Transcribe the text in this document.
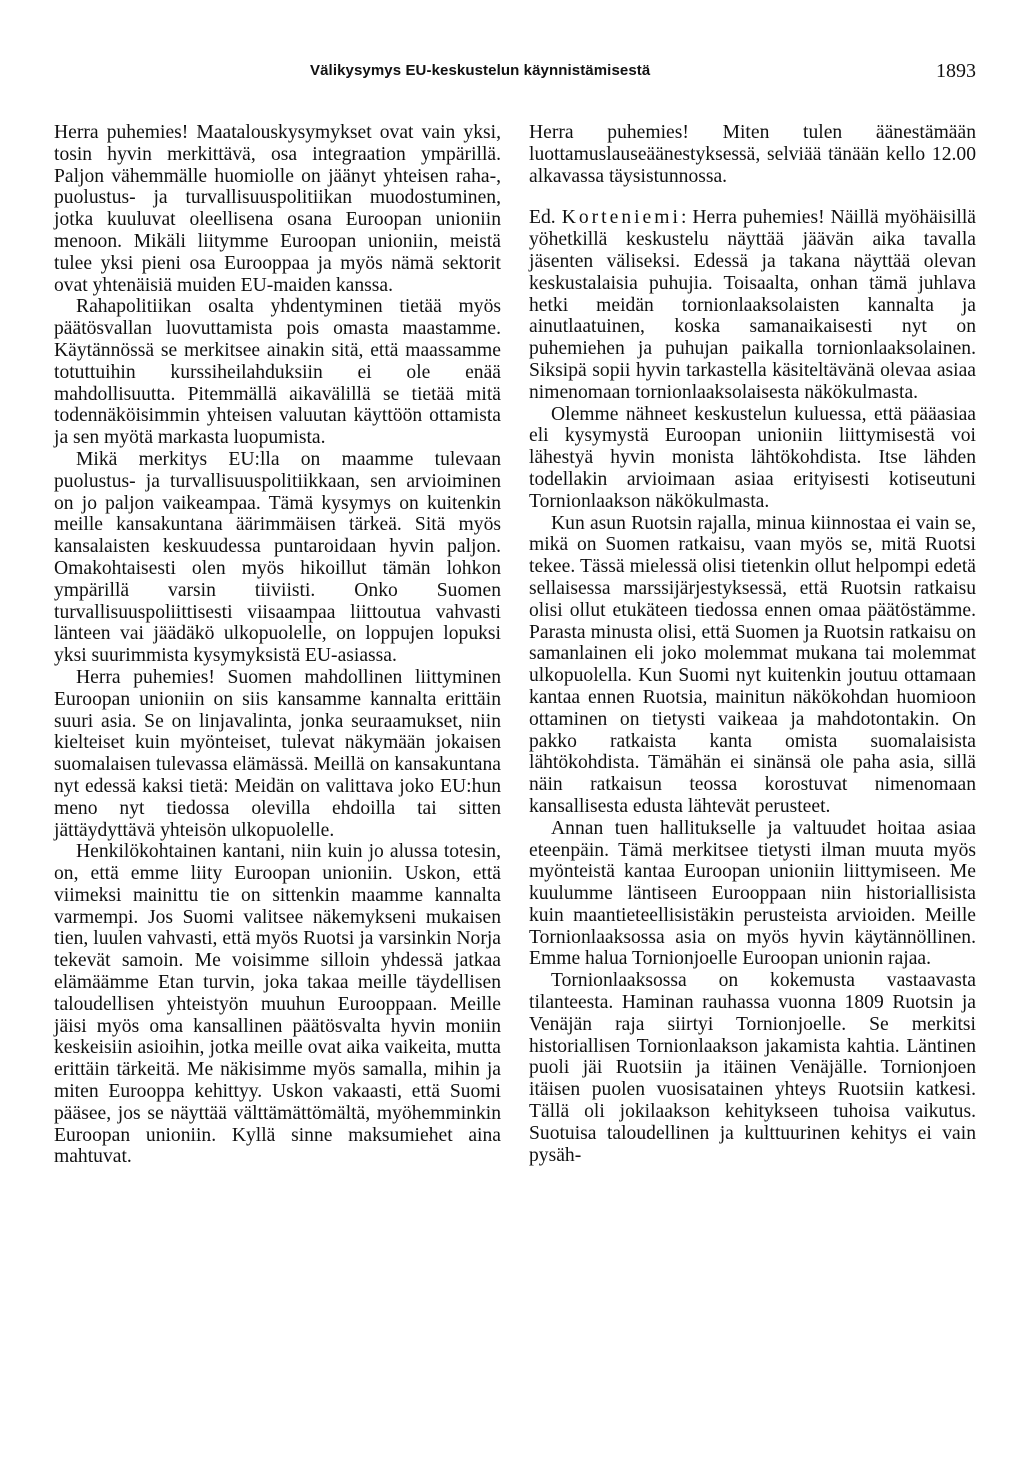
Välikysymys EU-keskustelun käynnistämisestä	1893

Herra puhemies! Maatalouskysymykset ovat vain yksi, tosin hyvin merkittävä, osa integraation ympärillä. Paljon vähemmälle huomiolle on jäänyt yhteisen raha-, puolustus- ja turvallisuuspolitiikan muodostuminen, jotka kuuluvat oleellisena osana Euroopan unioniin menoon. Mikäli liitymme Euroopan unioniin, meistä tulee yksi pieni osa Eurooppaa ja myös nämä sektorit ovat yhtenäisiä muiden EU-maiden kanssa.

Rahapolitiikan osalta yhdentyminen tietää myös päätösvallan luovuttamista pois omasta maastamme. Käytännössä se merkitsee ainakin sitä, että maassamme totuttuihin kurssiheilahduksiin ei ole enää mahdollisuutta. Pitemmällä aikavälillä se tietää mitä todennäköisimmin yhteisen valuutan käyttöön ottamista ja sen myötä markasta luopumista.

Mikä merkitys EU:lla on maamme tulevaan puolustus- ja turvallisuuspolitiikkaan, sen arvioiminen on jo paljon vaikeampaa. Tämä kysymys on kuitenkin meille kansakuntana äärimmäisen tärkeä. Sitä myös kansalaisten keskuudessa puntaroidaan hyvin paljon. Omakohtaisesti olen myös hikoillut tämän lohkon ympärillä varsin tiiviisti. Onko Suomen turvallisuuspoliittisesti viisaampaa liittoutua vahvasti länteen vai jäädäkö ulkopuolelle, on loppujen lopuksi yksi suurimmista kysymyksistä EU-asiassa.

Herra puhemies! Suomen mahdollinen liittyminen Euroopan unioniin on siis kansamme kannalta erittäin suuri asia. Se on linjavalinta, jonka seuraamukset, niin kielteiset kuin myönteiset, tulevat näkymään jokaisen suomalaisen tulevassa elämässä. Meillä on kansakuntana nyt edessä kaksi tietä: Meidän on valittava joko EU:hun meno nyt tiedossa olevilla ehdoilla tai sitten jättäydyttävä yhteisön ulkopuolelle.

Henkilökohtainen kantani, niin kuin jo alussa totesin, on, että emme liity Euroopan unioniin. Uskon, että viimeksi mainittu tie on sittenkin maamme kannalta varmempi. Jos Suomi valitsee näkemykseni mukaisen tien, luulen vahvasti, että myös Ruotsi ja varsinkin Norja tekevät samoin. Me voisimme silloin yhdessä jatkaa elämäämme Etan turvin, joka takaa meille täydellisen taloudellisen yhteistyön muuhun Eurooppaan. Meille jäisi myös oma kansallinen päätösvalta hyvin moniin keskeisiin asioihin, jotka meille ovat aika vaikeita, mutta erittäin tärkeitä. Me näkisimme myös samalla, mihin ja miten Eurooppa kehittyy. Uskon vakaasti, että Suomi pääsee, jos se näyttää välttämättömältä, myöhemminkin Euroopan unioniin. Kyllä sinne maksumiehet aina mahtuvat.

Herra puhemies! Miten tulen äänestämään luottamuslauseäänestyksessä, selviää tänään kello 12.00 alkavassa täysistunnossa.

Ed. Korteniemi: Herra puhemies! Näillä myöhäisillä yöhetkillä keskustelu näyttää jäävän aika tavalla jäsenten väliseksi. Edessä ja takana näyttää olevan keskustalaisia puhujia. Toisaalta, onhan tämä juhlava hetki meidän tornionlaaksolaisten kannalta ja ainutlaatuinen, koska samanaikaisesti nyt on puhemiehen ja puhujan paikalla tornionlaaksolainen. Siksipä sopii hyvin tarkastella käsiteltävänä olevaa asiaa nimenomaan tornionlaaksolaisesta näkökulmasta.

Olemme nähneet keskustelun kuluessa, että pääasiaa eli kysymystä Euroopan unioniin liittymisestä voi lähestyä hyvin monista lähtökohdista. Itse lähden todellakin arvioimaan asiaa erityisesti kotiseutuni Tornionlaakson näkökulmasta.

Kun asun Ruotsin rajalla, minua kiinnostaa ei vain se, mikä on Suomen ratkaisu, vaan myös se, mitä Ruotsi tekee. Tässä mielessä olisi tietenkin ollut helpompi edetä sellaisessa marssijärjestyksessä, että Ruotsin ratkaisu olisi ollut etukäteen tiedossa ennen omaa päätöstämme. Parasta minusta olisi, että Suomen ja Ruotsin ratkaisu on samanlainen eli joko molemmat mukana tai molemmat ulkopuolella. Kun Suomi nyt kuitenkin joutuu ottamaan kantaa ennen Ruotsia, mainitun näkökohdan huomioon ottaminen on tietysti vaikeaa ja mahdotontakin. On pakko ratkaista kanta omista suomalaisista lähtökohdista. Tämähän ei sinänsä ole paha asia, sillä näin ratkaisun teossa korostuvat nimenomaan kansallisesta edusta lähtevät perusteet.

Annan tuen hallitukselle ja valtuudet hoitaa asiaa eteenpäin. Tämä merkitsee tietysti ilman muuta myös myönteistä kantaa Euroopan unioniin liittymiseen. Me kuulumme läntiseen Eurooppaan niin historiallisista kuin maantieteellisistäkin perusteista arvioiden. Meille Tornionlaaksossa asia on myös hyvin käytännöllinen. Emme halua Tornionjoelle Euroopan unionin rajaa.

Tornionlaaksossa on kokemusta vastaavasta tilanteesta. Haminan rauhassa vuonna 1809 Ruotsin ja Venäjän raja siirtyi Tornionjoelle. Se merkitsi historiallisen Tornionlaakson jakamista kahtia. Läntinen puoli jäi Ruotsiin ja itäinen Venäjälle. Tornionjoen itäisen puolen vuosisatainen yhteys Ruotsiin katkesi. Tällä oli jokilaakson kehitykseen tuhoisa vaikutus. Suotuisa taloudellinen ja kulttuurinen kehitys ei vain pysäh-
